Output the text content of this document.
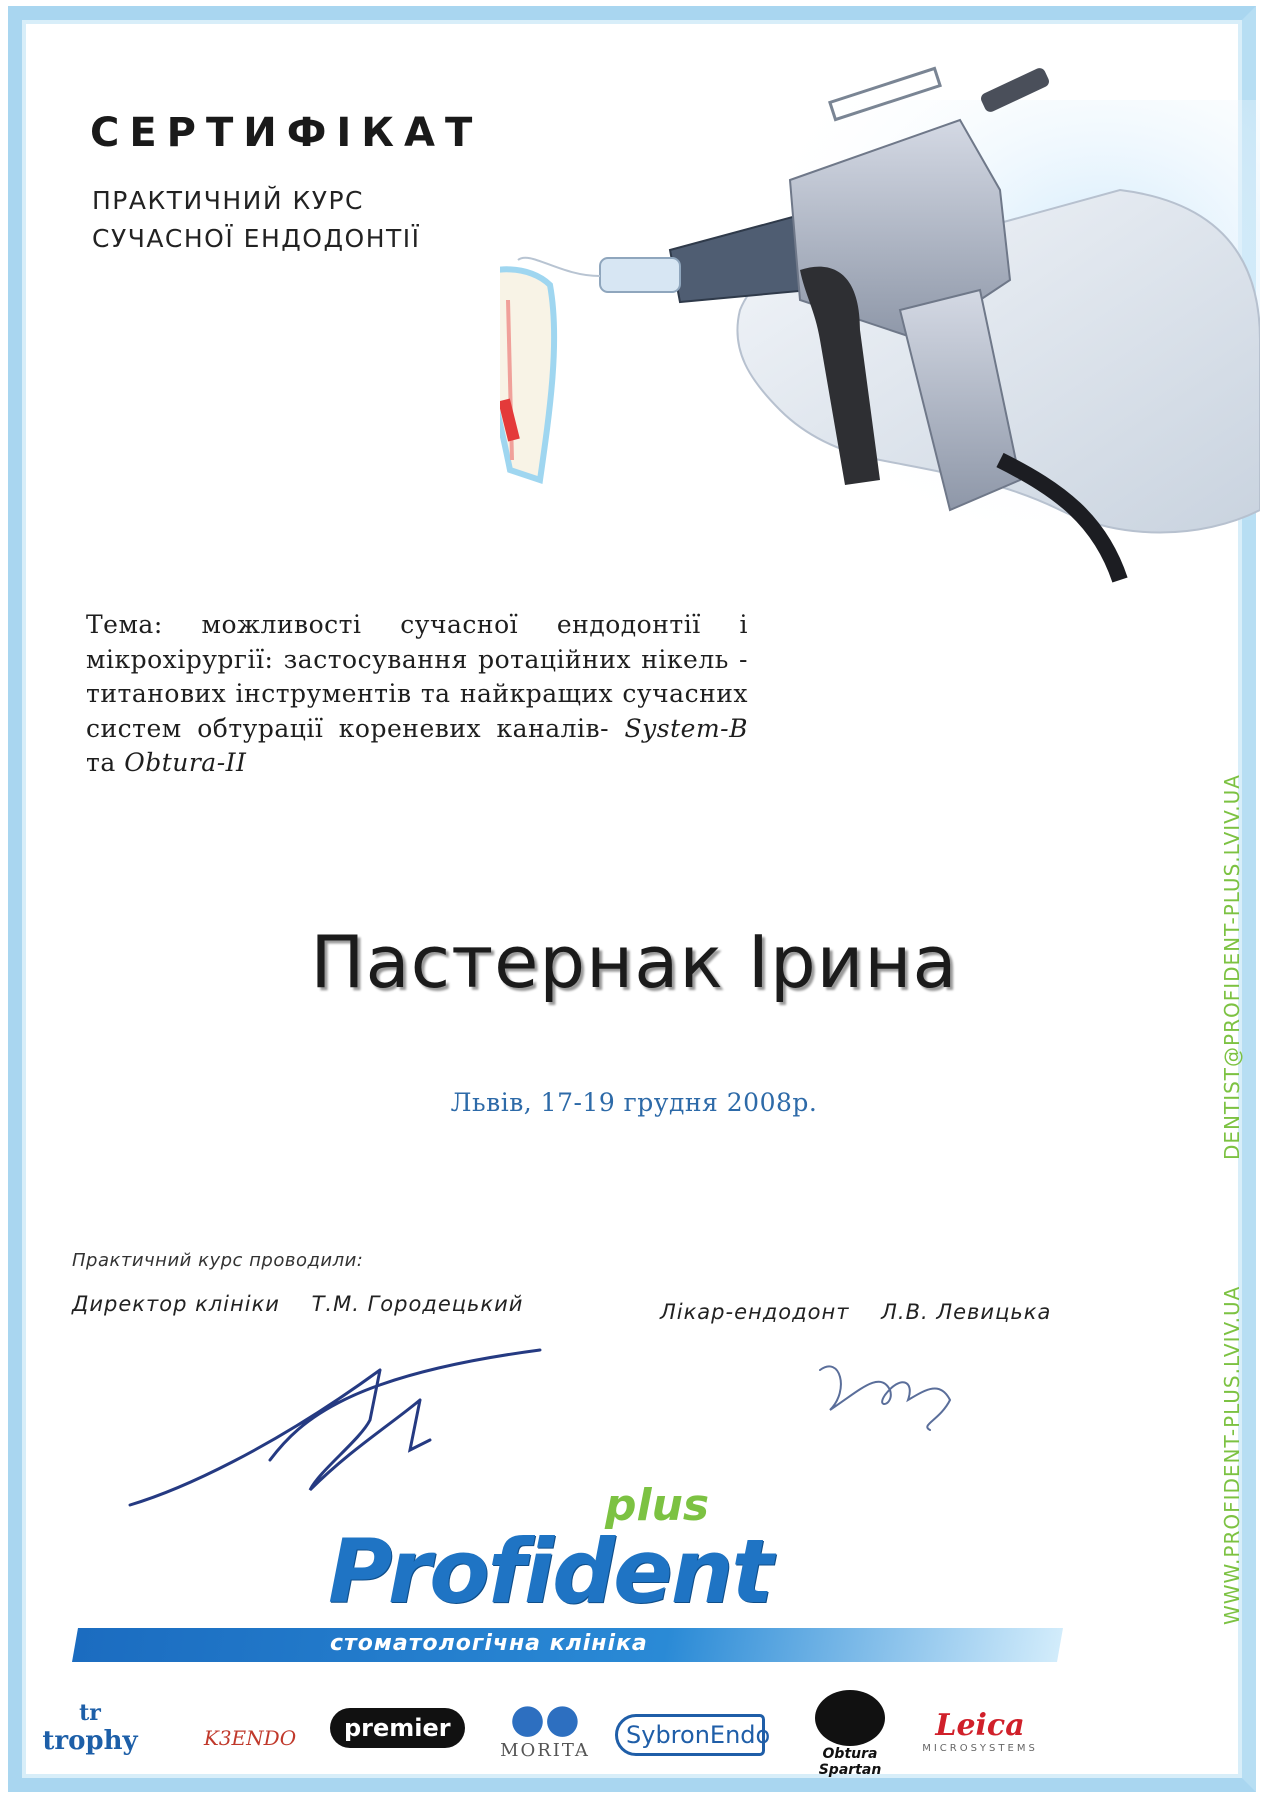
СЕРТИФІКАТ
ПРАКТИЧНИЙ КУРС
СУЧАСНОЇ ЕНДОДОНТІЇ
Тема: можливості сучасної ендодонтії і мікрохірургії: застосування ротаційних нікель - титанових інструментів та найкращих сучасних систем обтурації кореневих каналів- System-B та Obtura-II
Пастернак Ірина
Львів, 17-19 грудня 2008р.
Практичний курс проводили:
Директор клініки Т.М. Городецький	Лікар-ендодонт Л.В. Левицька
DENTIST@PROFIDENT-PLUS.LVIV.UA
WWW.PROFIDENT-PLUS.LVIV.UA
plus
Profident
стоматологічна клініка
tr
trophy	K3ENDO	premier	●●
MORITA
SybronEndo
Obtura Spartan
Leica
MICROSYSTEMS
